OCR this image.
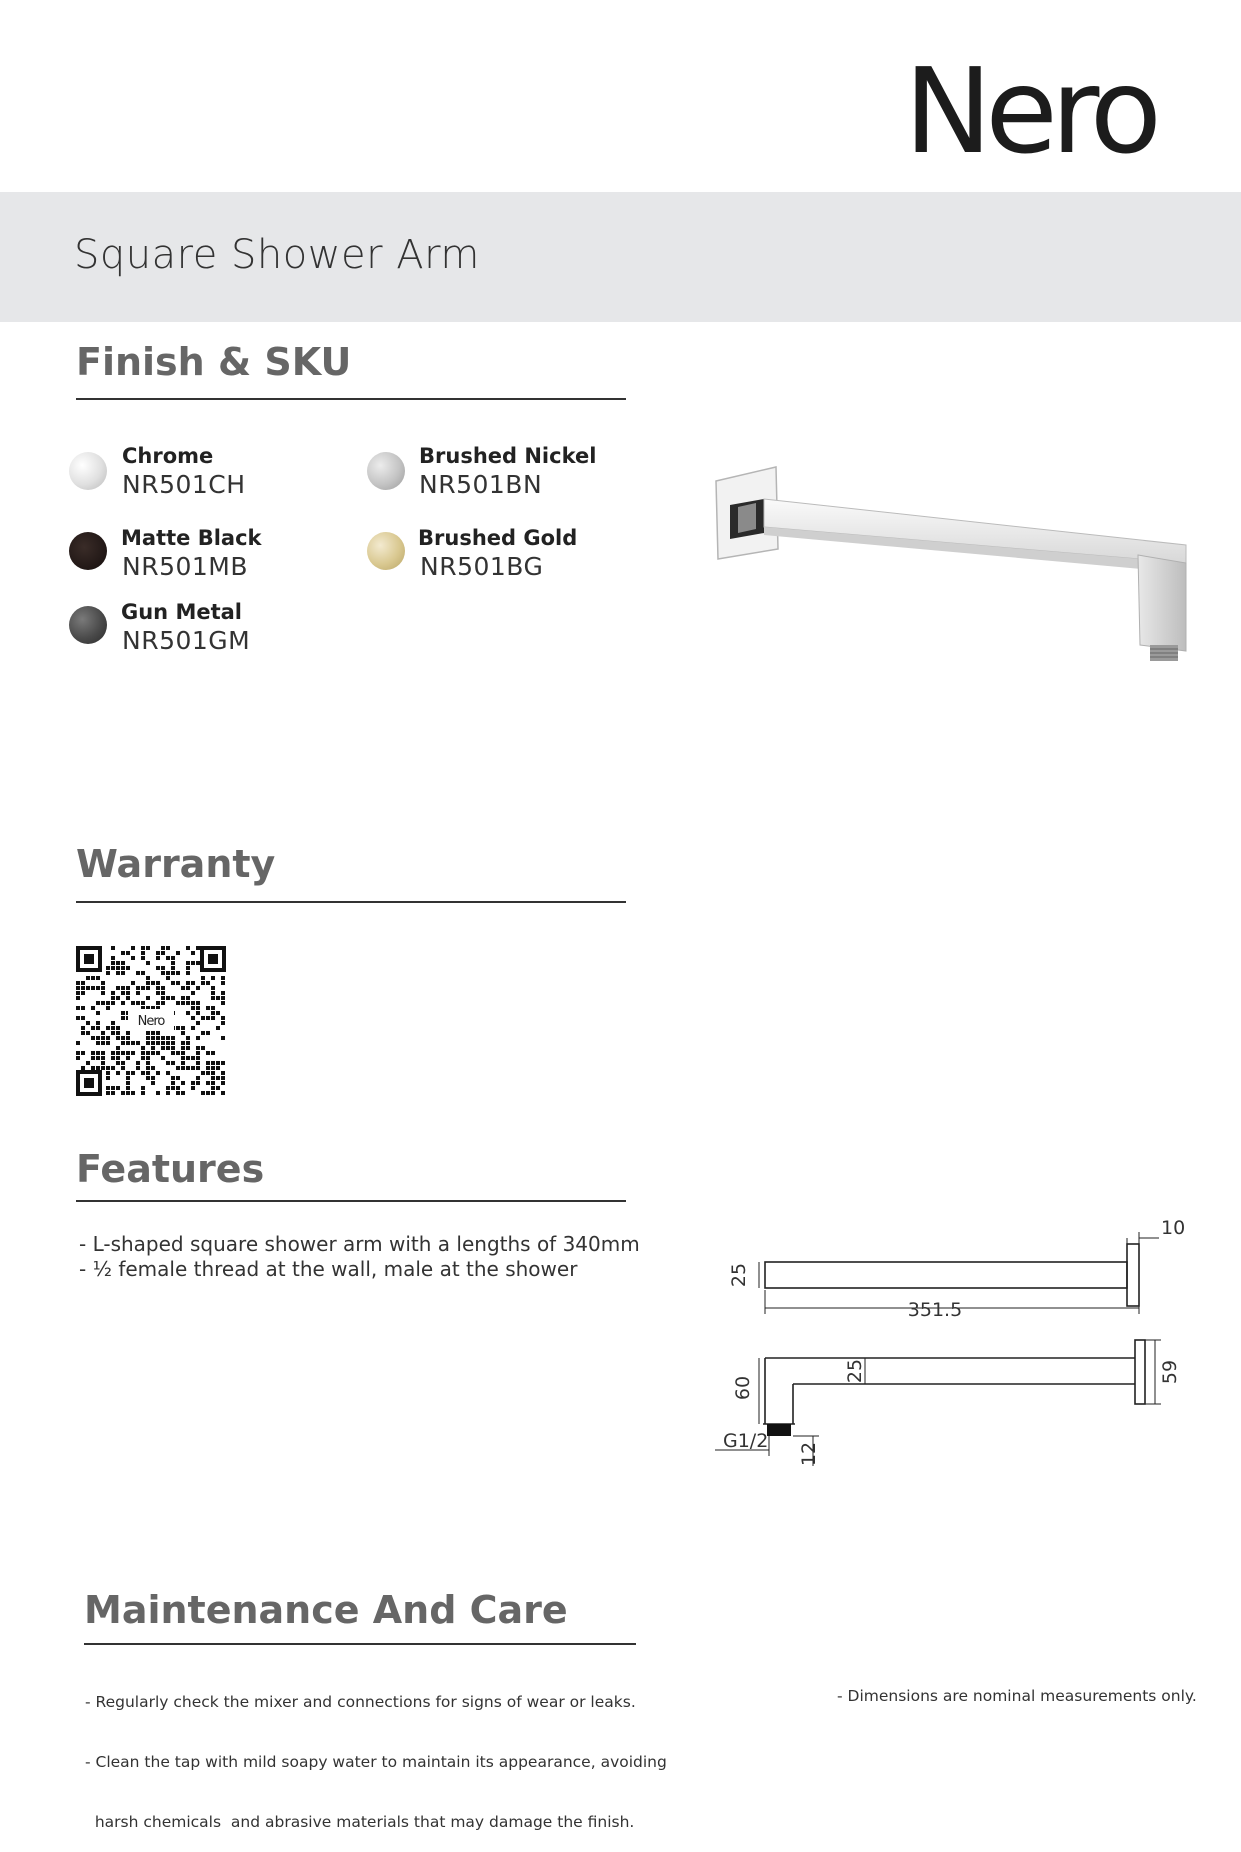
Nero
Square Shower Arm
Finish & SKU
Chrome
NR501CH
Brushed Nickel
NR501BN
Matte Black
NR501MB
Brushed Gold
NR501BG
Gun Metal
NR501GM
Warranty
Nero
Features
- L-shaped square shower arm with a lengths of 340mm
- ½ female thread at the wall, male at the shower	25
10
351.5
60
25	59
G1/2
12
Maintenance And Care

- Regularly check the mixer and connections for signs of wear or leaks.

- Clean the tap with mild soapy water to maintain its appearance, avoiding

harsh chemicals  and abrasive materials that may damage the finish.

- Dimensions are nominal measurements only.
